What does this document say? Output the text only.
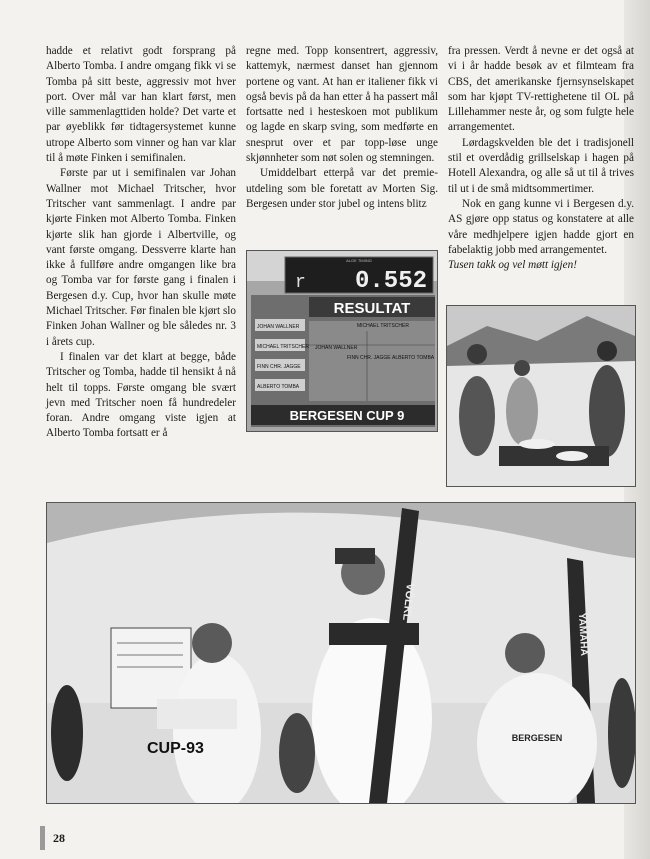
hadde et relativt godt forsprang på Alberto Tomba. I andre omgang fikk vi se Tomba på sitt beste, aggressiv mot hver port. Over mål var han klart først, men ville sammenlagttiden holde? Det varte et par øyeblikk før tidtagersystemet kunne utrope Alberto som vinner og han var klar til å møte Finken i semifinalen.

Første par ut i semifinalen var Johan Wallner mot Michael Tritscher, hvor Tritscher vant sammenlagt. I andre par kjørte Finken mot Alberto Tomba. Finken kjørte slik han gjorde i Albertville, og vant første omgang. Dessverre klarte han ikke å fullføre andre omgangen like bra og Tomba var for første gang i finalen i Bergesen d.y. Cup, hvor han skulle møte Michael Tritscher. Før finalen ble kjørt slo Finken Johan Wallner og ble således nr. 3 i årets cup.

I finalen var det klart at begge, både Tritscher og Tomba, hadde til hensikt å nå helt til topps. Første omgang ble svært jevn med Tritscher noen få hundredeler foran. Andre omgang viste igjen at Alberto Tomba fortsatt er å

regne med. Topp konsentrert, aggressiv, kattemyk, nærmest danset han gjennom portene og vant. At han er italiener fikk vi også bevis på da han etter å ha passert mål fortsatte ned i hesteskoen mot publikum og lagde en skarp sving, som medførte en snesprut over et par topp-løse unge skjønnheter som nøt solen og stemningen.

Umiddelbart etterpå var det premie-utdeling som ble foretatt av Morten Sig. Bergesen under stor jubel og intens blitz

fra pressen. Verdt å nevne er det også at vi i år hadde besøk av et filmteam fra CBS, det amerikanske fjernsynselskapet som har kjøpt TV-rettighetene til OL på Lillehammer neste år, og som fulgte hele arrangementet.

Lørdagskvelden ble det i tradisjonell stil et overdådig grillselskap i hagen på Hotell Alexandra, og alle så ut til å trives til ut i de små midtsommertimer.

Nok en gang kunne vi i Bergesen d.y. AS gjøre opp status og konstatere at alle våre medhjelpere igjen hadde gjort en fabelaktig jobb med arrangementet.

Tusen takk og vel møtt igjen!

ALGE TIMING
0.552
r
RESULTAT
JOHAN WALLNER
MICHAEL TRITSCHER
FINN CHR. JAGGE
ALBERTO TOMBA
MICHAEL TRITSCHER
JOHAN WALLNER
FINN CHR. JAGGE ALBERTO TOMBA
BERGESEN CUP 9
CUP-93
VÖLKL
YAMAHA
BERGESEN
28
